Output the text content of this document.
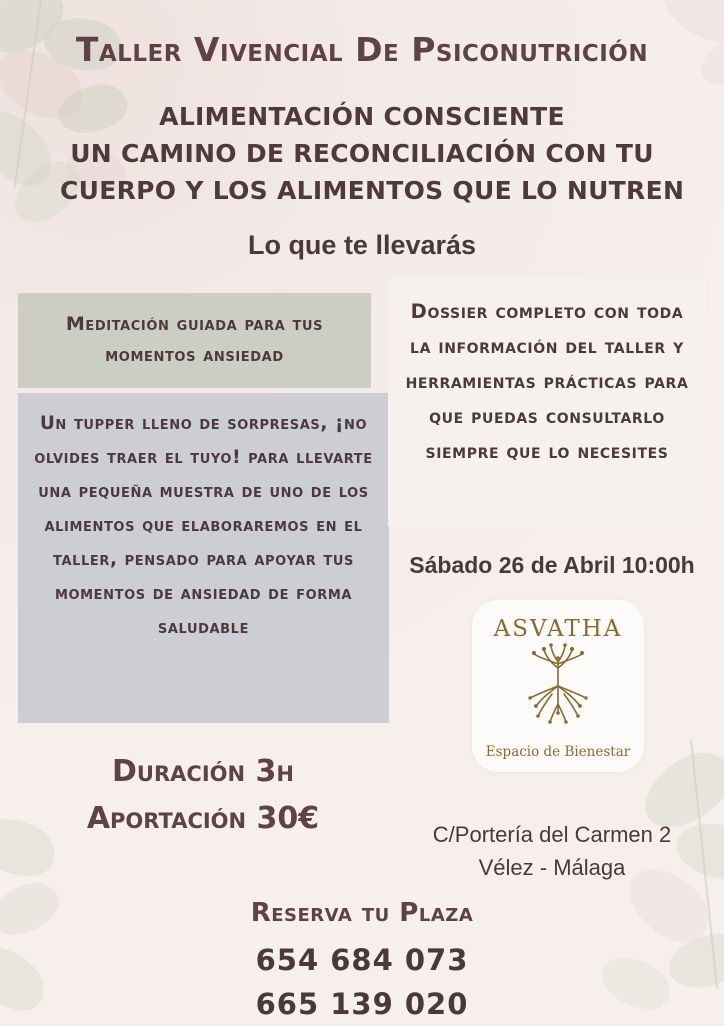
Taller Vivencial De Psiconutrición
ALIMENTACIÓN CONSCIENTE
UN CAMINO DE RECONCILIACIÓN CON TU
CUERPO Y LOS ALIMENTOS QUE LO NUTREN
Lo que te llevarás
Meditación guiada para tus momentos ansiedad
Un tupper lleno de sorpresas, ¡no olvides traer el tuyo! para llevarte una pequeña muestra de uno de los alimentos que elaboraremos en el taller, pensado para apoyar tus momentos de ansiedad de forma saludable
Dossier completo con toda la información del taller y herramientas prácticas para que puedas consultarlo siempre que lo necesites
Sábado 26 de Abril 10:00h
Duración 3h
Aportación 30€
ASVATHA
Espacio de Bienestar
C/Portería del Carmen 2
Vélez - Málaga
Reserva tu Plaza
654 684 073
665 139 020
